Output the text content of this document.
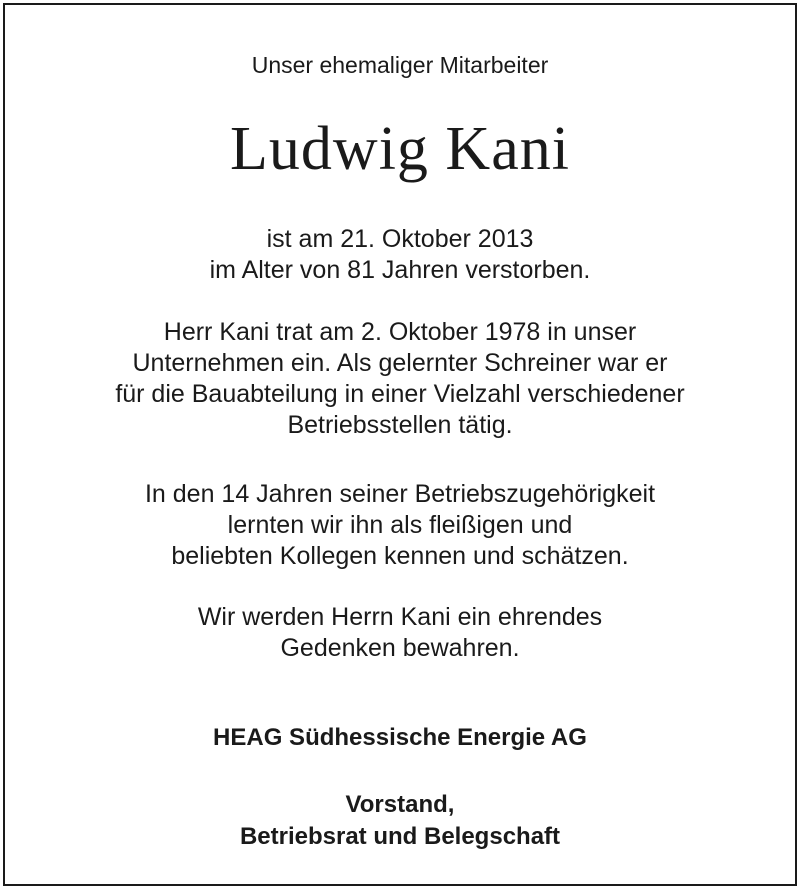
Unser ehemaliger Mitarbeiter
Ludwig Kani
ist am 21. Oktober 2013
im Alter von 81 Jahren verstorben.
Herr Kani trat am 2. Oktober 1978 in unser
Unternehmen ein. Als gelernter Schreiner war er
für die Bauabteilung in einer Vielzahl verschiedener
Betriebsstellen tätig.
In den 14 Jahren seiner Betriebszugehörigkeit
lernten wir ihn als fleißigen und
beliebten Kollegen kennen und schätzen.
Wir werden Herrn Kani ein ehrendes
Gedenken bewahren.
HEAG Südhessische Energie AG
Vorstand,
Betriebsrat und Belegschaft
